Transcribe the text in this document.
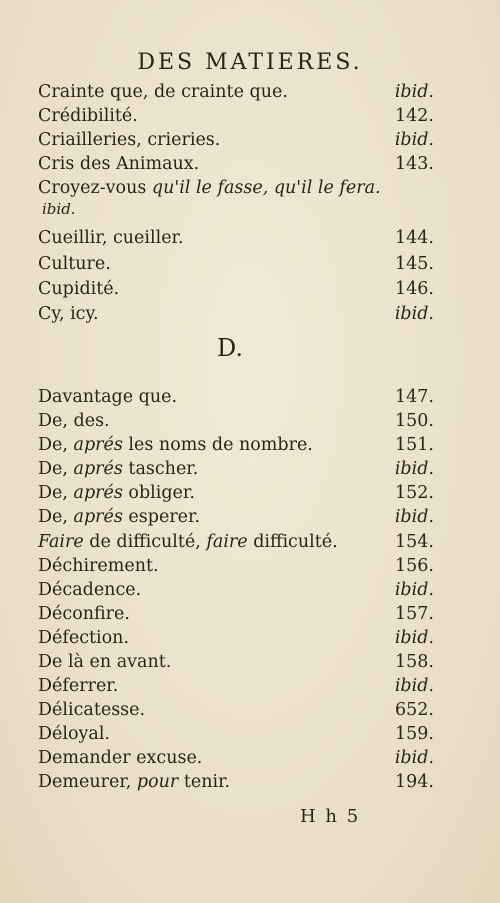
DES MATIERES.
Crainte que, de crainte que.	ibid.
Crédibilité.	142.
Criailleries, crieries.	ibid.
Cris des Animaux.	143.
Croyez-vous qu'il le fasse, qu'il le fera.
ibid.
Cueillir, cueiller.	144.
Culture.	145.
Cupidité.	146.
Cy, icy.	ibid.
D.
Davantage que.	147.
De, des.	150.
De, aprés les noms de nombre.	151.
De, aprés tascher.	ibid.
De, aprés obliger.	152.
De, aprés esperer.	ibid.
Faire de difficulté, faire difficulté.	154.
Déchirement.	156.
Décadence.	ibid.
Déconfire.	157.
Défection.	ibid.
De là en avant.	158.
Déferrer.	ibid.
Délicatesse.	652.
Déloyal.	159.
Demander excuse.	ibid.
Demeurer, pour tenir.	194.
H h 5
